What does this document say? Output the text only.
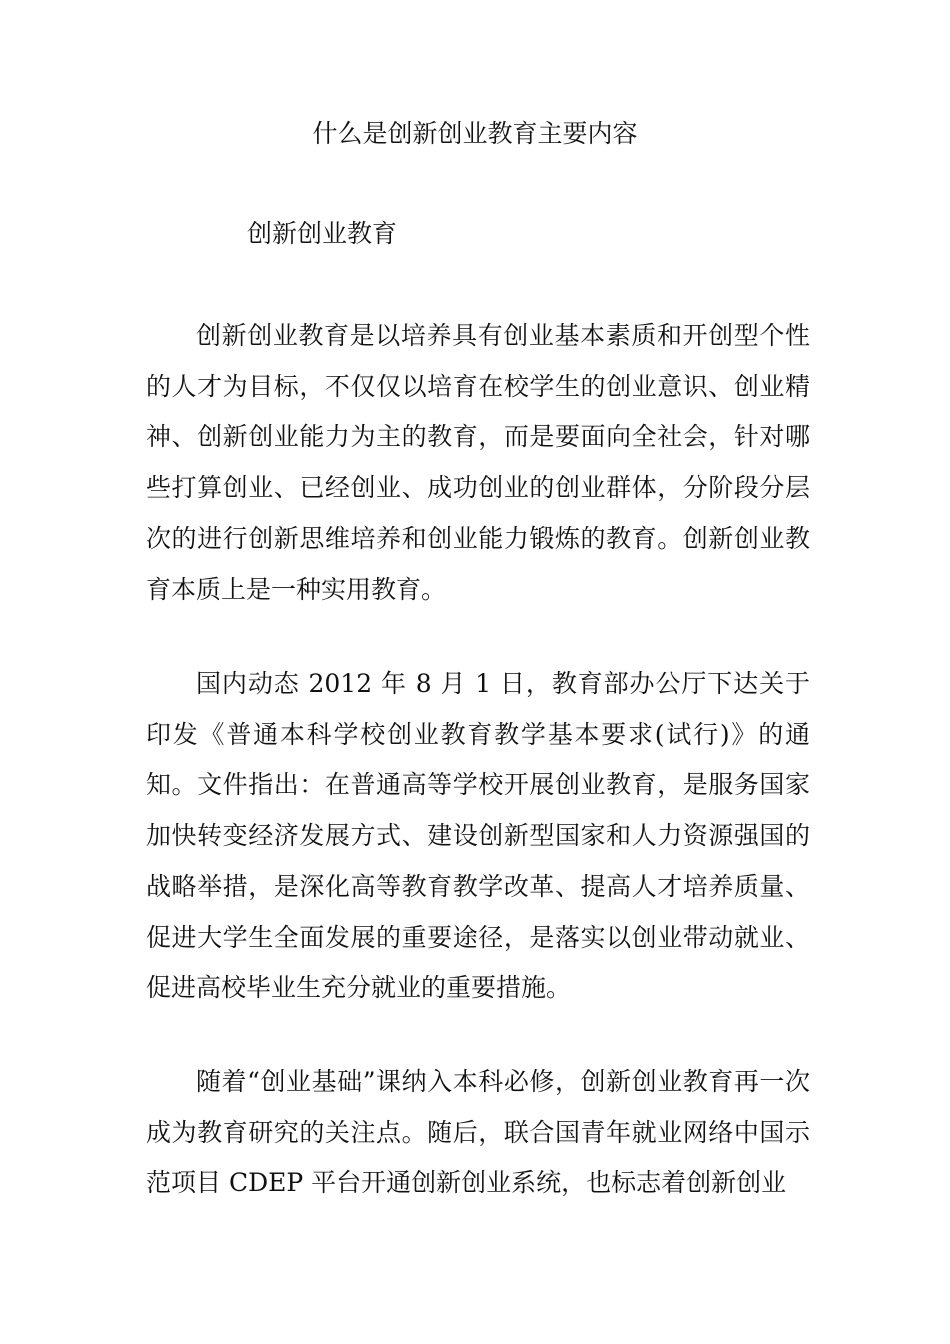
什么是创新创业教育主要内容
创新创业教育

创新创业教育是以培养具有创业基本素质和开创型个性的人才为目标，不仅仅以培育在校学生的创业意识、创业精神、创新创业能力为主的教育，而是要面向全社会，针对哪些打算创业、已经创业、成功创业的创业群体，分阶段分层次的进行创新思维培养和创业能力锻炼的教育。创新创业教育本质上是一种实用教育。

国内动态 2012 年 8 月 1 日，教育部办公厅下达关于印发《普通本科学校创业教育教学基本要求(试行)》的通知。文件指出：在普通高等学校开展创业教育，是服务国家加快转变经济发展方式、建设创新型国家和人力资源强国的战略举措，是深化高等教育教学改革、提高人才培养质量、促进大学生全面发展的重要途径，是落实以创业带动就业、促进高校毕业生充分就业的重要措施。

随着“创业基础”课纳入本科必修，创新创业教育再一次成为教育研究的关注点。随后，联合国青年就业网络中国示范项目 CDEP 平台开通创新创业系统，也标志着创新创业
